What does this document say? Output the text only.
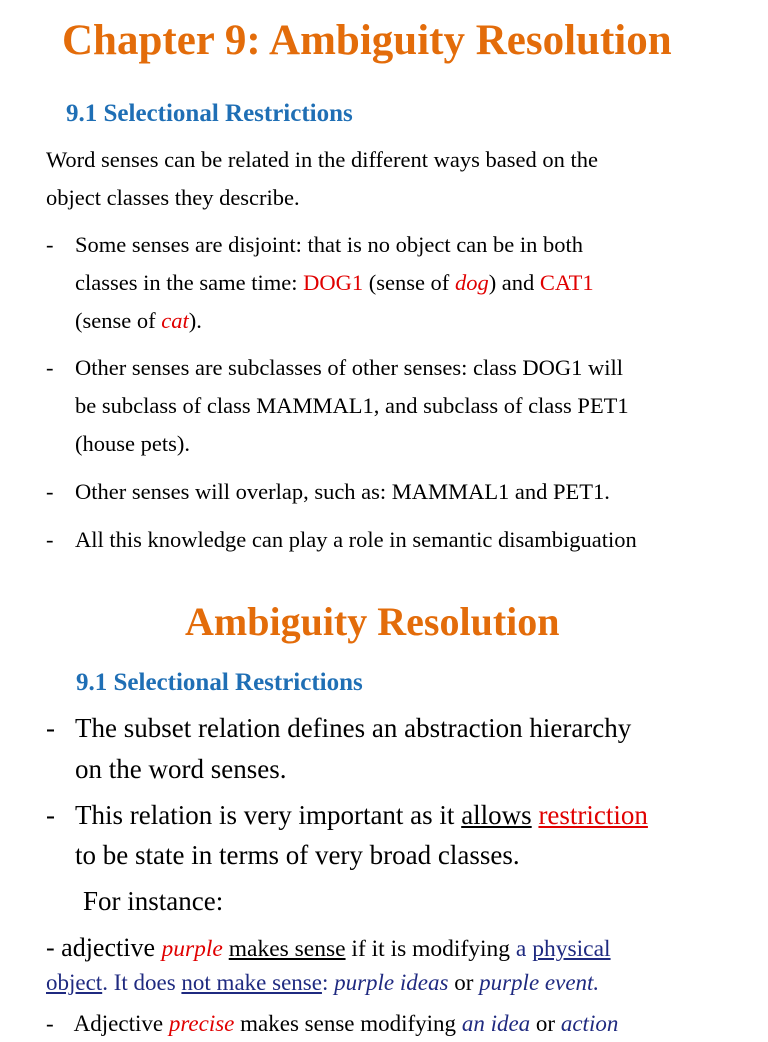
Chapter 9: Ambiguity Resolution
9.1 Selectional Restrictions
Word senses can be related in the different ways based on the
object classes they describe.
- Some senses are disjoint: that is no object can be in both
classes in the same time: DOG1 (sense of dog) and CAT1
(sense of cat).
- Other senses are subclasses of other senses: class DOG1 will
be subclass of class MAMMAL1, and subclass of class PET1
(house pets).
- Other senses will overlap, such as: MAMMAL1 and PET1.
- All this knowledge can play a role in semantic disambiguation
Ambiguity Resolution
9.1 Selectional Restrictions
- The subset relation defines an abstraction hierarchy
on the word senses.
- This relation is very important as it allows restriction
to be state in terms of very broad classes.
For instance:
- adjective purple makes sense if it is modifying a physical
object. It does not make sense: purple ideas or purple event.
- Adjective precise makes sense modifying an idea or action
